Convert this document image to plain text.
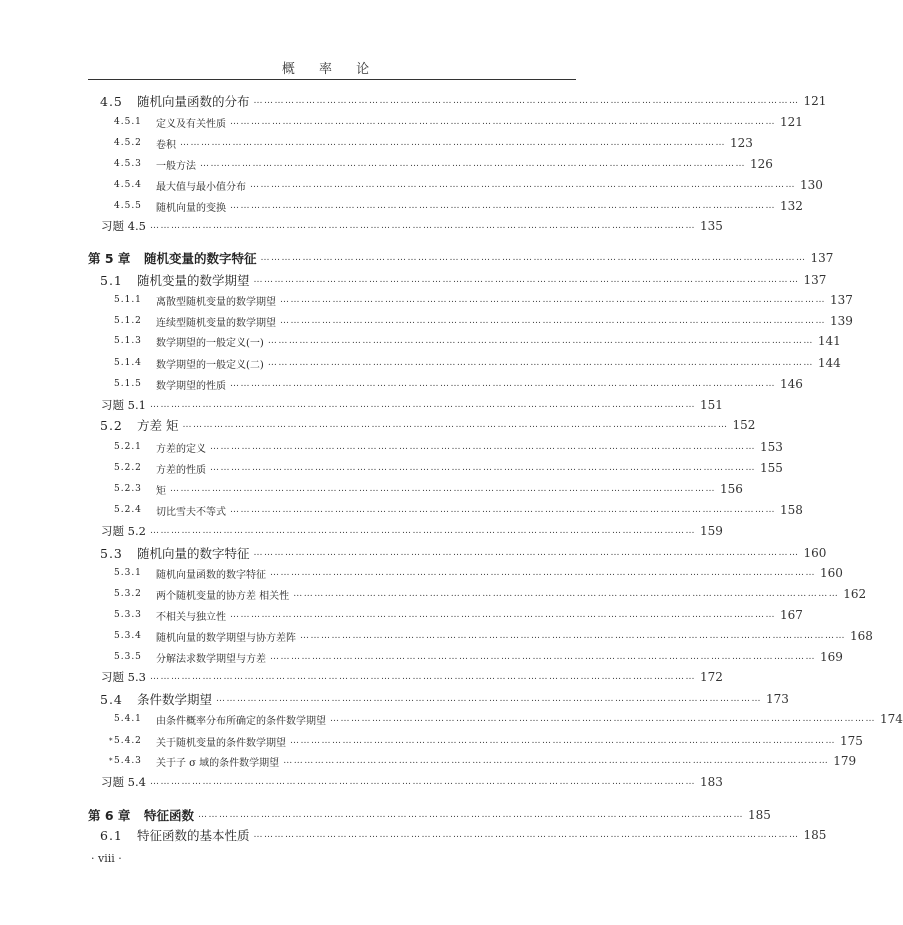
概 率 论
4.5	随机向量函数的分布 ………………………………………………………………………………………………………………………………………… 121
4.5.1	定义及有关性质 ………………………………………………………………………………………………………………………………………… 121
4.5.2	卷积 ………………………………………………………………………………………………………………………………………… 123
4.5.3	一般方法 ………………………………………………………………………………………………………………………………………… 126
4.5.4	最大值与最小值分布 ………………………………………………………………………………………………………………………………………… 130
4.5.5	随机向量的变换 ………………………………………………………………………………………………………………………………………… 132
习题 4.5 ………………………………………………………………………………………………………………………………………… 135
第 5 章	随机变量的数字特征 ………………………………………………………………………………………………………………………………………… 137
5.1	随机变量的数学期望 ………………………………………………………………………………………………………………………………………… 137
5.1.1	离散型随机变量的数学期望 ………………………………………………………………………………………………………………………………………… 137
5.1.2	连续型随机变量的数学期望 ………………………………………………………………………………………………………………………………………… 139
5.1.3	数学期望的一般定义(一) ………………………………………………………………………………………………………………………………………… 141
5.1.4	数学期望的一般定义(二) ………………………………………………………………………………………………………………………………………… 144
5.1.5	数学期望的性质 ………………………………………………………………………………………………………………………………………… 146
习题 5.1 ………………………………………………………………………………………………………………………………………… 151
5.2	方差 矩 ………………………………………………………………………………………………………………………………………… 152
5.2.1	方差的定义 ………………………………………………………………………………………………………………………………………… 153
5.2.2	方差的性质 ………………………………………………………………………………………………………………………………………… 155
5.2.3	矩 ………………………………………………………………………………………………………………………………………… 156
5.2.4	切比雪夫不等式 ………………………………………………………………………………………………………………………………………… 158
习题 5.2 ………………………………………………………………………………………………………………………………………… 159
5.3	随机向量的数字特征 ………………………………………………………………………………………………………………………………………… 160
5.3.1	随机向量函数的数字特征 ………………………………………………………………………………………………………………………………………… 160
5.3.2	两个随机变量的协方差 相关性 ………………………………………………………………………………………………………………………………………… 162
5.3.3	不相关与独立性 ………………………………………………………………………………………………………………………………………… 167
5.3.4	随机向量的数学期望与协方差阵 ………………………………………………………………………………………………………………………………………… 168
5.3.5	分解法求数学期望与方差 ………………………………………………………………………………………………………………………………………… 169
习题 5.3 ………………………………………………………………………………………………………………………………………… 172
5.4	条件数学期望 ………………………………………………………………………………………………………………………………………… 173
5.4.1	由条件概率分布所确定的条件数学期望 ………………………………………………………………………………………………………………………………………… 174
* 5.4.2	关于随机变量的条件数学期望 ………………………………………………………………………………………………………………………………………… 175
* 5.4.3	关于子 σ 域的条件数学期望 ………………………………………………………………………………………………………………………………………… 179
习题 5.4 ………………………………………………………………………………………………………………………………………… 183
第 6 章	特征函数 ………………………………………………………………………………………………………………………………………… 185
6.1	特征函数的基本性质 ………………………………………………………………………………………………………………………………………… 185
· viii ·
